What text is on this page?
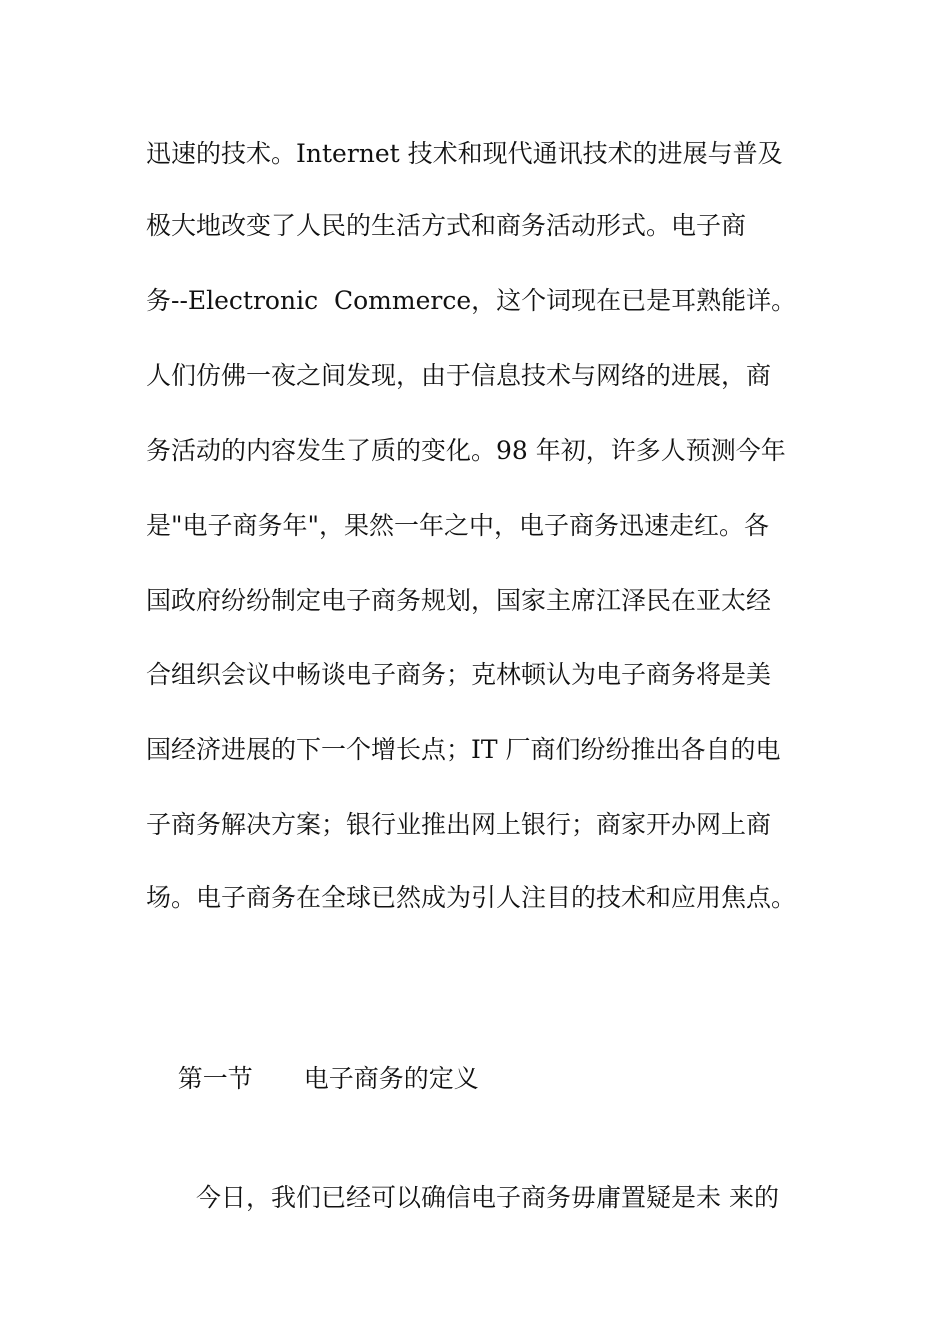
迅速的技术。Internet 技术和现代通讯技术的进展与普及
极大地改变了人民的生活方式和商务活动形式。电子商
务--Electronic  Commerce，这个词现在已是耳熟能详。
人们仿佛一夜之间发现，由于信息技术与网络的进展，商
务活动的内容发生了质的变化。98 年初，许多人预测今年
是"电子商务年"，果然一年之中，电子商务迅速走红。各
国政府纷纷制定电子商务规划，国家主席江泽民在亚太经
合组织会议中畅谈电子商务；克林顿认为电子商务将是美
国经济进展的下一个增长点；IT 厂商们纷纷推出各自的电
子商务解决方案；银行业推出网上银行；商家开办网上商
场。电子商务在全球已然成为引人注目的技术和应用焦点。

第一节 电子商务的定义

今日，我们已经可以确信电子商务毋庸置疑是未 来的
